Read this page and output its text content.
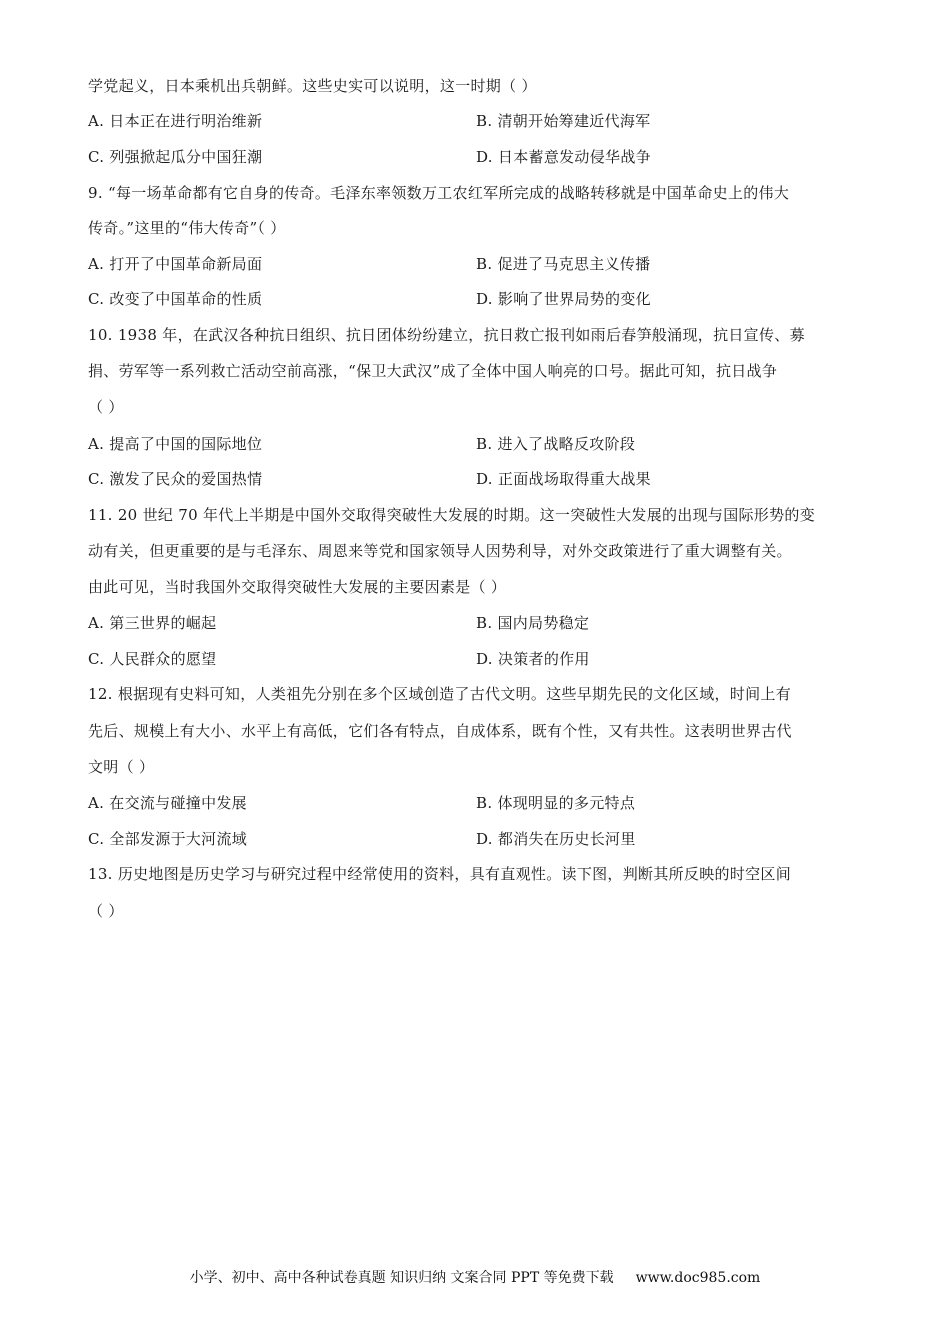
学党起义，日本乘机出兵朝鲜。这些史实可以说明，这一时期（ ）
A. 日本正在进行明治维新	B. 清朝开始筹建近代海军
C. 列强掀起瓜分中国狂潮	D. 日本蓄意发动侵华战争
9. “每一场革命都有它自身的传奇。毛泽东率领数万工农红军所完成的战略转移就是中国革命史上的伟大
传奇。”这里的“伟大传奇”（ ）
A. 打开了中国革命新局面	B. 促进了马克思主义传播
C. 改变了中国革命的性质	D. 影响了世界局势的变化
10. 1938 年，在武汉各种抗日组织、抗日团体纷纷建立，抗日救亡报刊如雨后春笋般涌现，抗日宣传、募
捐、劳军等一系列救亡活动空前高涨，“保卫大武汉”成了全体中国人响亮的口号。据此可知，抗日战争
（ ）
A. 提高了中国的国际地位	B. 进入了战略反攻阶段
C. 激发了民众的爱国热情	D. 正面战场取得重大战果
11. 20 世纪 70 年代上半期是中国外交取得突破性大发展的时期。这一突破性大发展的出现与国际形势的变
动有关，但更重要的是与毛泽东、周恩来等党和国家领导人因势利导，对外交政策进行了重大调整有关。
由此可见，当时我国外交取得突破性大发展的主要因素是（ ）
A. 第三世界的崛起	B. 国内局势稳定
C. 人民群众的愿望	D. 决策者的作用
12. 根据现有史料可知，人类祖先分别在多个区域创造了古代文明。这些早期先民的文化区域，时间上有
先后、规模上有大小、水平上有高低，它们各有特点，自成体系，既有个性，又有共性。这表明世界古代
文明（ ）
A. 在交流与碰撞中发展	B. 体现明显的多元特点
C. 全部发源于大河流域	D. 都消失在历史长河里
13. 历史地图是历史学习与研究过程中经常使用的资料，具有直观性。读下图，判断其所反映的时空区间
（ ）
小学、初中、高中各种试卷真题 知识归纳 文案合同 PPT 等免费下载 www.doc985.com
